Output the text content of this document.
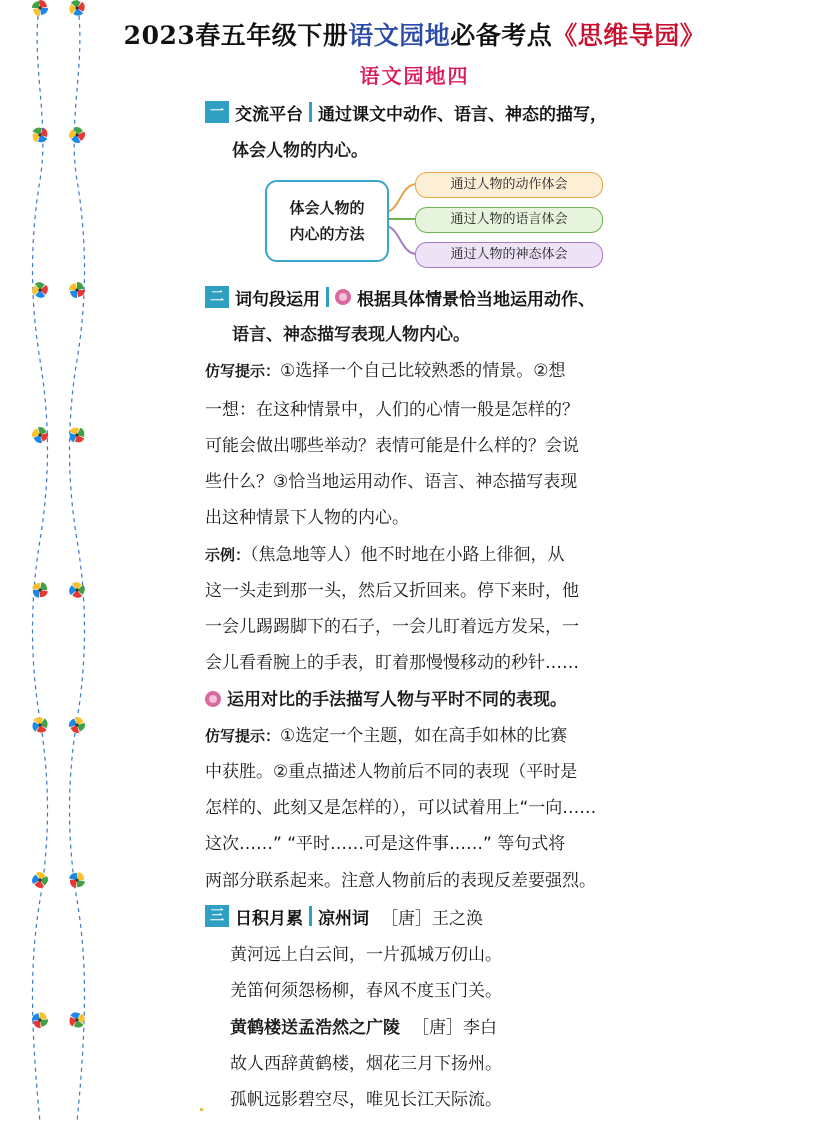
2023春五年级下册语文园地必备考点《思维导园》
语文园地四
一 交流平台 通过课文中动作、语言、神态的描写，
体会人物的内心。
体会人物的
内心的方法
通过人物的动作体会
通过人物的语言体会
通过人物的神态体会
二 词句段运用 根据具体情景恰当地运用动作、
语言、神态描写表现人物内心。
仿写提示：①选择一个自己比较熟悉的情景。②想
一想：在这种情景中，人们的心情一般是怎样的？
可能会做出哪些举动？表情可能是什么样的？会说
些什么？③恰当地运用动作、语言、神态描写表现
出这种情景下人物的内心。
示例：（焦急地等人）他不时地在小路上徘徊，从
这一头走到那一头，然后又折回来。停下来时，他
一会儿踢踢脚下的石子，一会儿盯着远方发呆，一
会儿看看腕上的手表，盯着那慢慢移动的秒针……
运用对比的手法描写人物与平时不同的表现。
仿写提示：①选定一个主题，如在高手如林的比赛
中获胜。②重点描述人物前后不同的表现（平时是
怎样的、此刻又是怎样的），可以试着用上“一向……
这次……” “平时……可是这件事……” 等句式将
两部分联系起来。注意人物前后的表现反差要强烈。
三 日积月累 凉州词 ［唐］王之涣
黄河远上白云间，一片孤城万仞山。
羌笛何须怨杨柳，春风不度玉门关。
黄鹤楼送孟浩然之广陵 ［唐］李白
故人西辞黄鹤楼，烟花三月下扬州。
孤帆远影碧空尽，唯见长江天际流。
